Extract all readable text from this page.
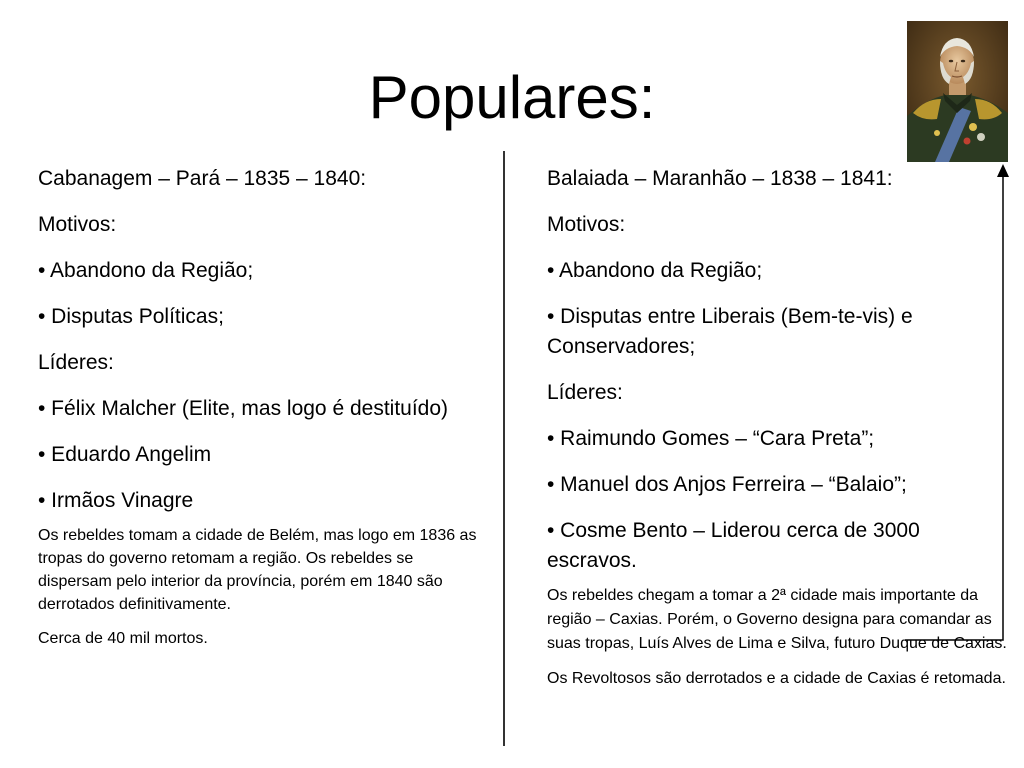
Populares:

Cabanagem – Pará – 1835 – 1840:

Motivos:

• Abandono da Região;

• Disputas Políticas;

Líderes:

• Félix Malcher (Elite, mas logo é destituído)

• Eduardo Angelim

• Irmãos Vinagre

Os rebeldes tomam a cidade de Belém, mas logo em 1836 as tropas do governo retomam a região. Os rebeldes se dispersam pelo interior da província, porém em 1840 são derrotados definitivamente.

Cerca de 40 mil mortos.

Balaiada – Maranhão – 1838 – 1841:

Motivos:

• Abandono da Região;

• Disputas entre Liberais (Bem-te-vis) e Conservadores;

Líderes:

• Raimundo Gomes – “Cara Preta”;

• Manuel dos Anjos Ferreira – “Balaio”;

• Cosme Bento – Liderou cerca de 3000 escravos.

Os rebeldes chegam a tomar a 2ª cidade mais importante da região – Caxias. Porém, o Governo designa para comandar as suas tropas, Luís Alves de Lima e Silva, futuro Duque de Caxias.

Os Revoltosos são derrotados e a cidade de Caxias é retomada.
